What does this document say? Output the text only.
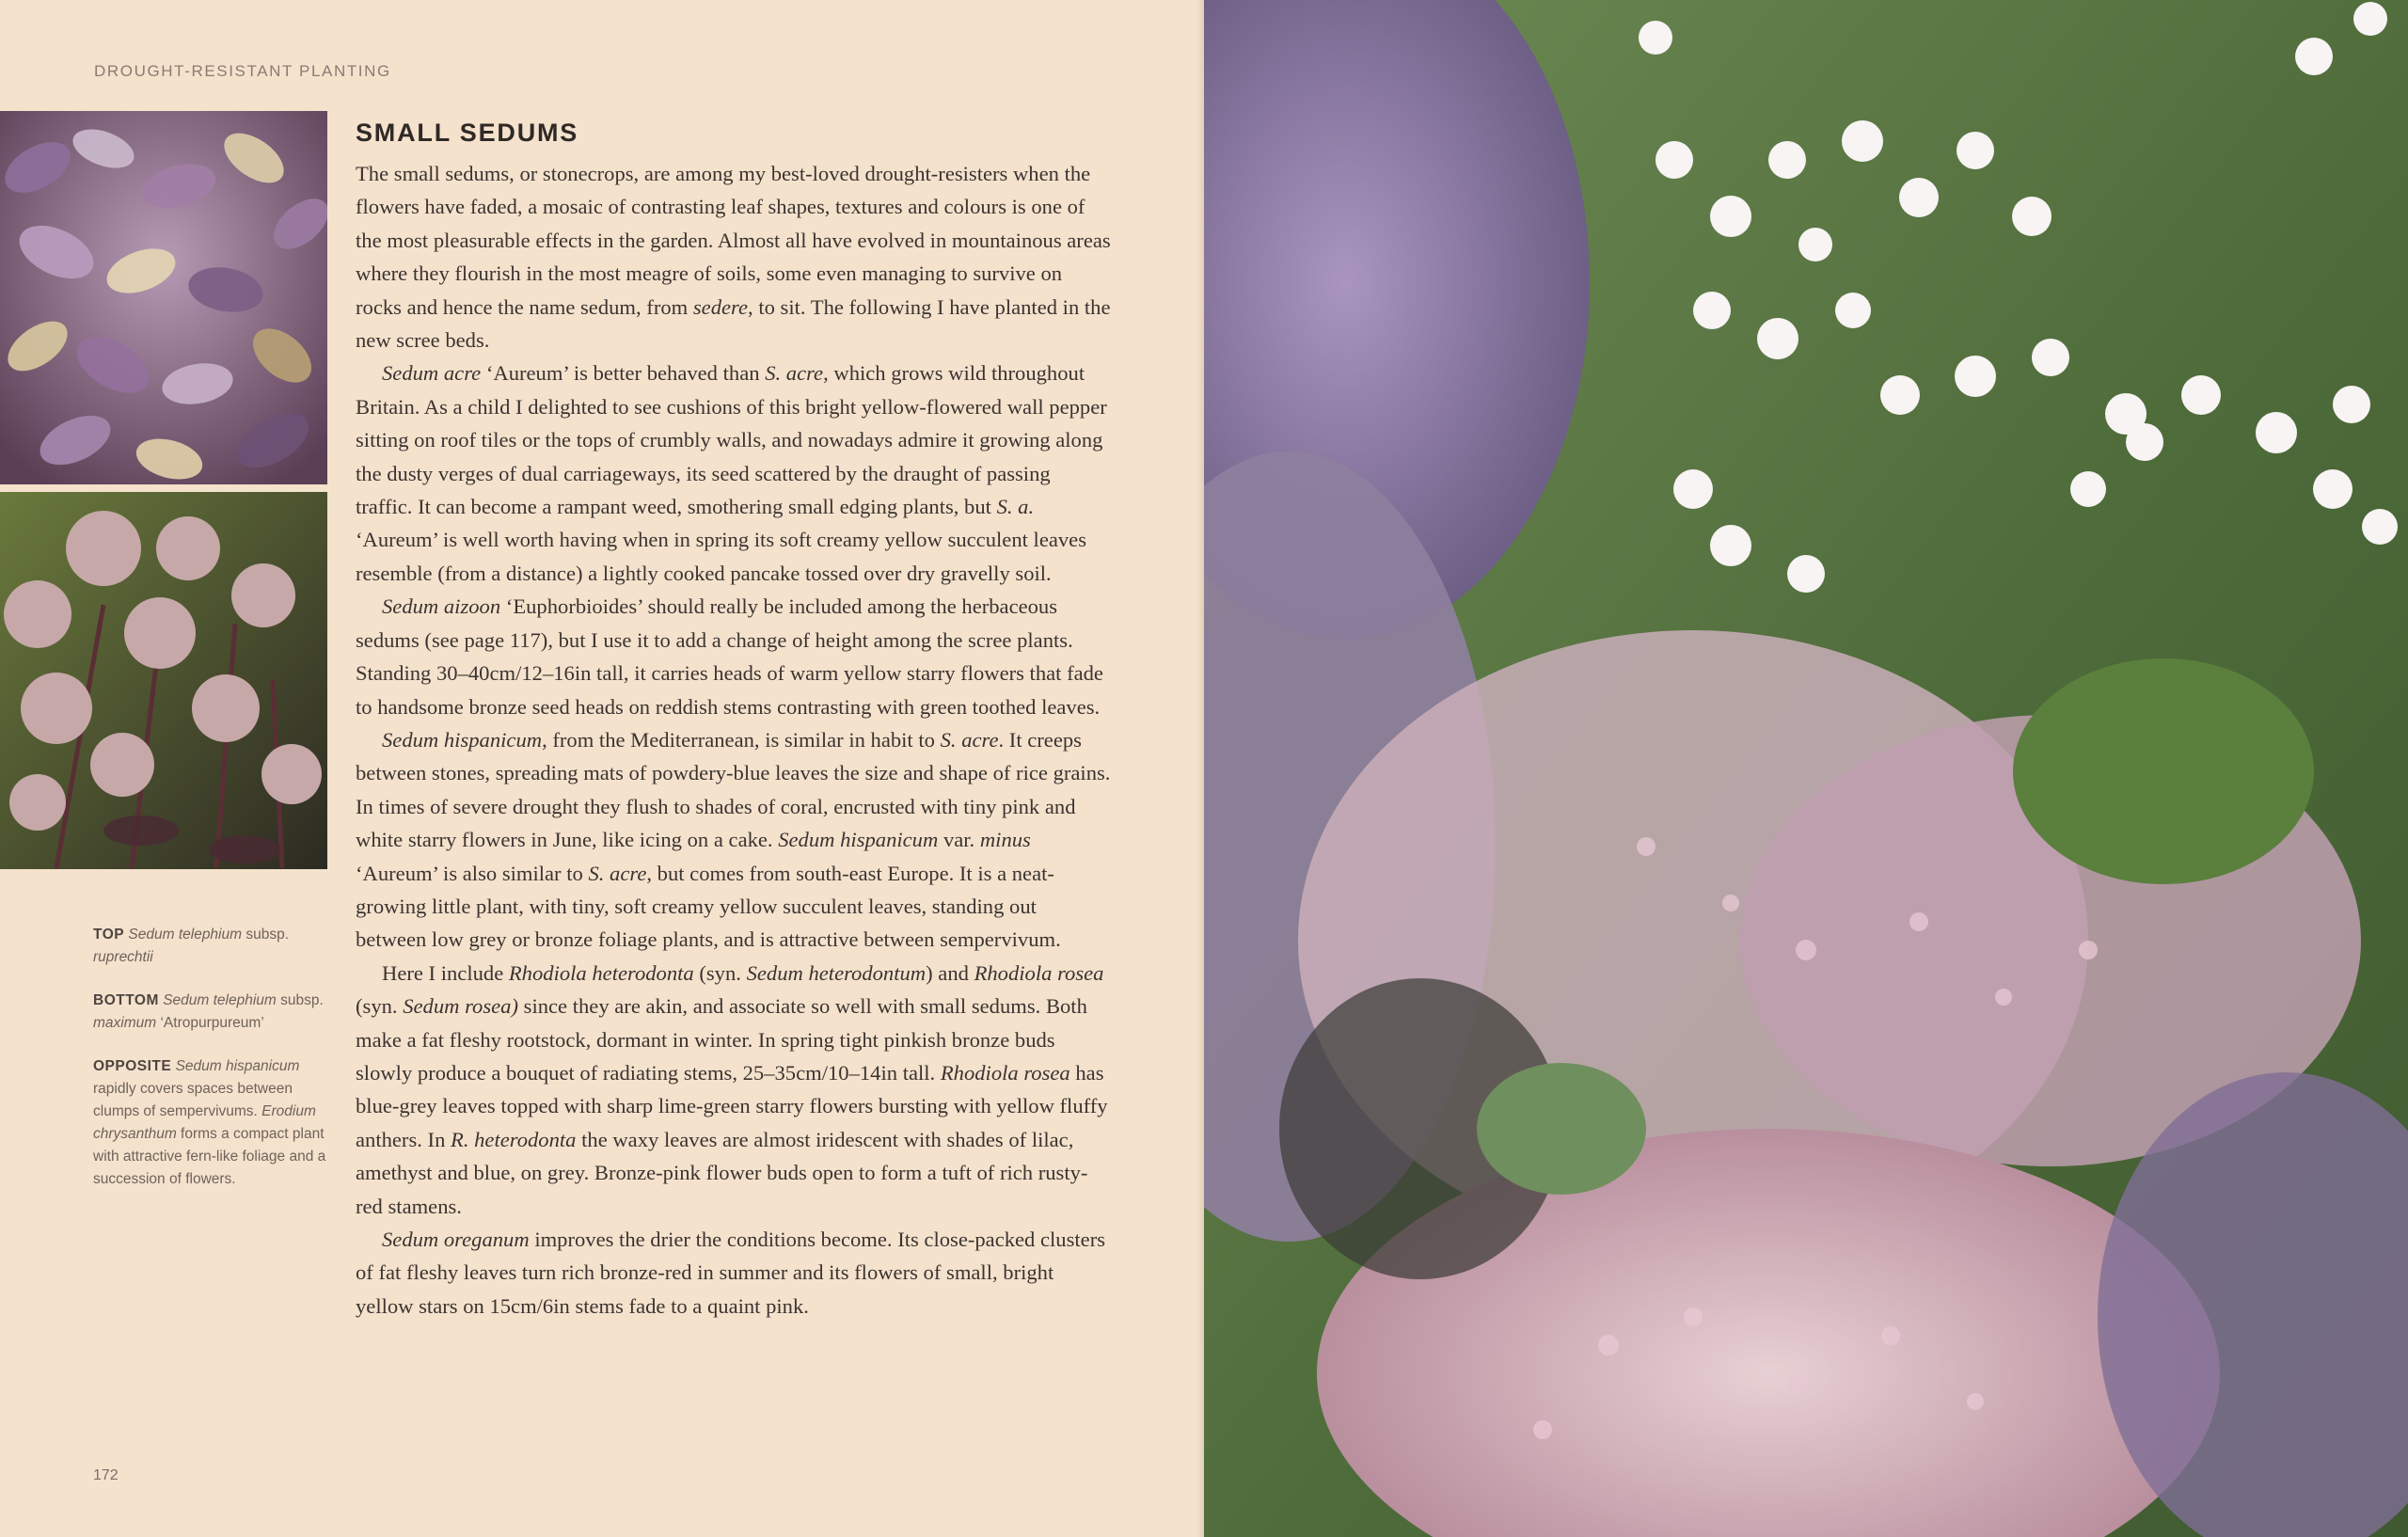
DROUGHT-RESISTANT PLANTING
TOP Sedum telephium subsp. ruprechtii
BOTTOM Sedum telephium subsp. maximum ‘Atropurpureum’
OPPOSITE Sedum hispanicum rapidly covers spaces between clumps of sempervivums. Erodium chrysanthum forms a compact plant with attractive fern-like foliage and a succession of flowers.
SMALL SEDUMS

The small sedums, or stonecrops, are among my best-loved drought-resisters when the flowers have faded, a mosaic of contrasting leaf shapes, textures and colours is one of the most pleasurable effects in the garden. Almost all have evolved in mountainous areas where they flourish in the most meagre of soils, some even managing to survive on rocks and hence the name sedum, from sedere, to sit. The following I have planted in the new scree beds.

Sedum acre ‘Aureum’ is better behaved than S. acre, which grows wild throughout Britain. As a child I delighted to see cushions of this bright yellow-flowered wall pepper sitting on roof tiles or the tops of crumbly walls, and nowadays admire it growing along the dusty verges of dual carriageways, its seed scattered by the draught of passing traffic. It can become a rampant weed, smothering small edging plants, but S. a. ‘Aureum’ is well worth having when in spring its soft creamy yellow succulent leaves resemble (from a distance) a lightly cooked pancake tossed over dry gravelly soil.

Sedum aizoon ‘Euphorbioides’ should really be included among the herbaceous sedums (see page 117), but I use it to add a change of height among the scree plants. Standing 30–40cm/12–16in tall, it carries heads of warm yellow starry flowers that fade to handsome bronze seed heads on reddish stems contrasting with green toothed leaves.

Sedum hispanicum, from the Mediterranean, is similar in habit to S. acre. It creeps between stones, spreading mats of powdery-blue leaves the size and shape of rice grains. In times of severe drought they flush to shades of coral, encrusted with tiny pink and white starry flowers in June, like icing on a cake. Sedum hispanicum var. minus ‘Aureum’ is also similar to S. acre, but comes from south-east Europe. It is a neat-growing little plant, with tiny, soft creamy yellow succulent leaves, standing out between low grey or bronze foliage plants, and is attractive between sempervivum.

Here I include Rhodiola heterodonta (syn. Sedum heterodontum) and Rhodiola rosea (syn. Sedum rosea) since they are akin, and associate so well with small sedums. Both make a fat fleshy rootstock, dormant in winter. In spring tight pinkish bronze buds slowly produce a bouquet of radiating stems, 25–35cm/10–14in tall. Rhodiola rosea has blue-grey leaves topped with sharp lime-green starry flowers bursting with yellow fluffy anthers. In R. heterodonta the waxy leaves are almost iridescent with shades of lilac, amethyst and blue, on grey. Bronze-pink flower buds open to form a tuft of rich rusty-red stamens.

Sedum oreganum improves the drier the conditions become. Its close-packed clusters of fat fleshy leaves turn rich bronze-red in summer and its flowers of small, bright yellow stars on 15cm/6in stems fade to a quaint pink.

172
